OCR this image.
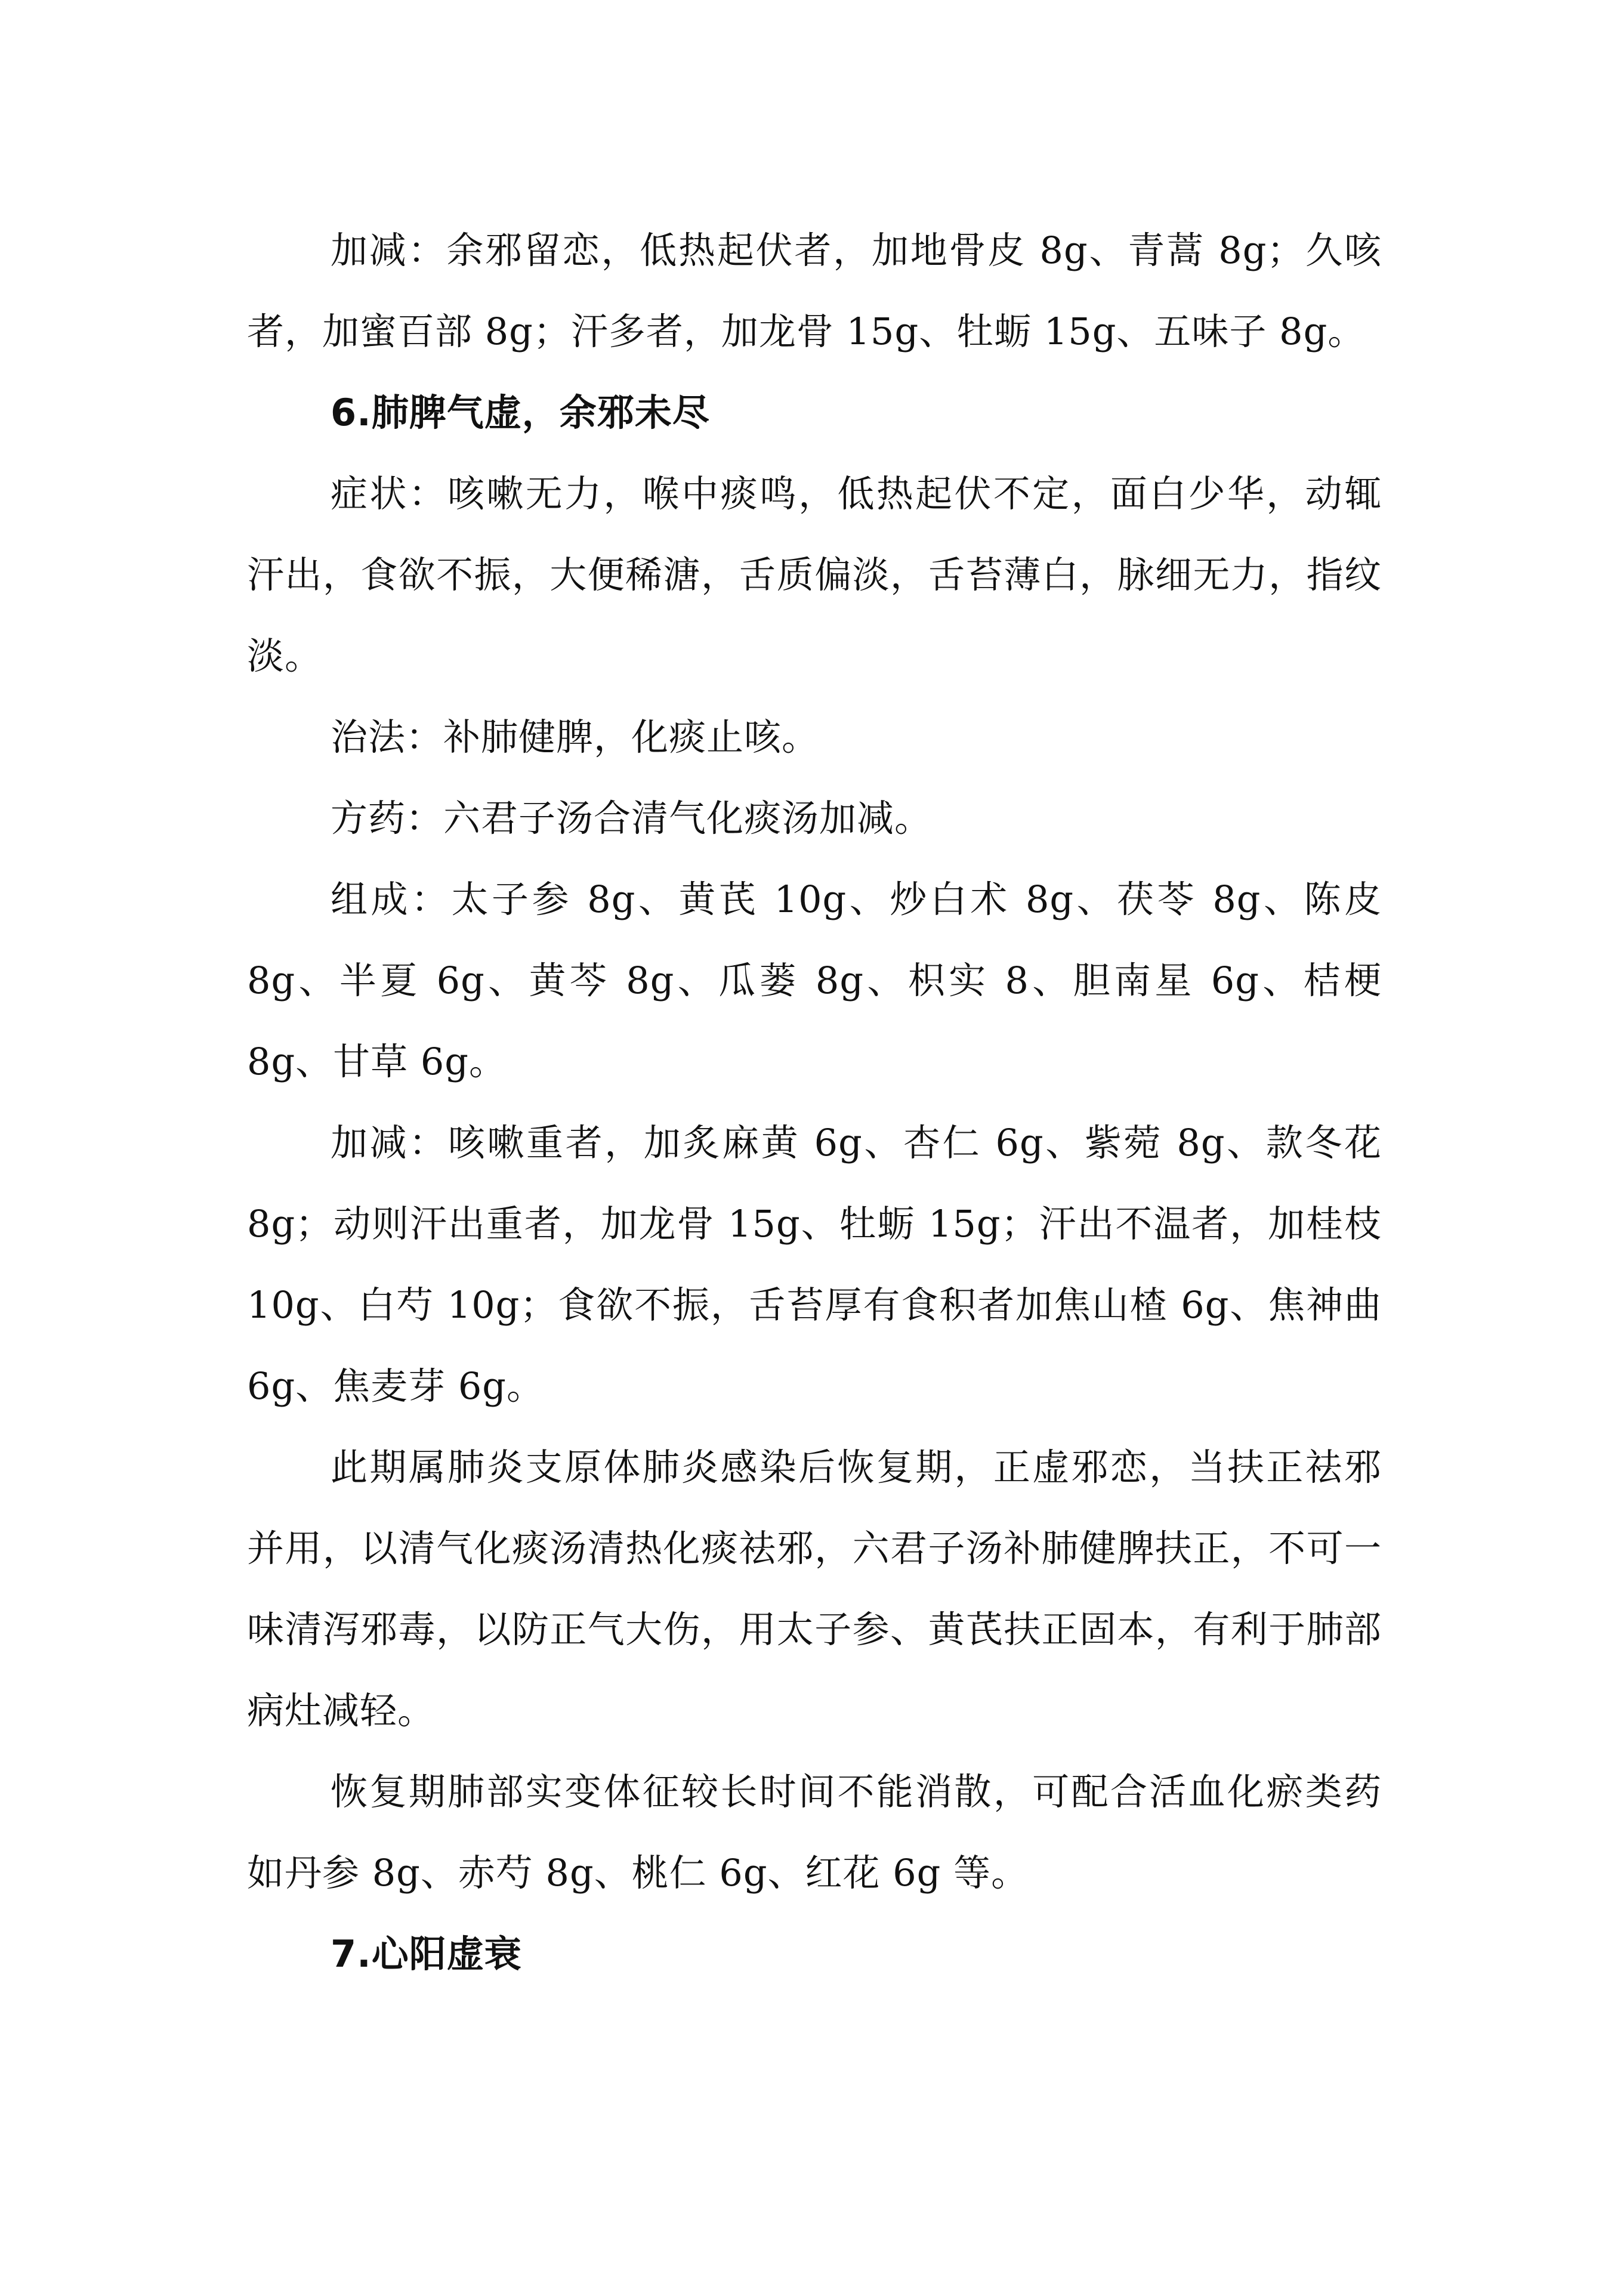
加减：余邪留恋，低热起伏者，加地骨皮 8g、青蒿 8g；久咳者，加蜜百部 8g；汗多者，加龙骨 15g、牡蛎 15g、五味子 8g。

6.肺脾气虚，余邪未尽

症状：咳嗽无力，喉中痰鸣，低热起伏不定，面白少华，动辄汗出，食欲不振，大便稀溏，舌质偏淡，舌苔薄白，脉细无力，指纹淡。

治法：补肺健脾，化痰止咳。

方药：六君子汤合清气化痰汤加减。

组成：太子参 8g、黄芪 10g、炒白术 8g、茯苓 8g、陈皮 8g、半夏 6g、黄芩 8g、瓜蒌 8g、枳实 8、胆南星 6g、桔梗 8g、甘草 6g。

加减：咳嗽重者，加炙麻黄 6g、杏仁 6g、紫菀 8g、款冬花 8g；动则汗出重者，加龙骨 15g、牡蛎 15g；汗出不温者，加桂枝 10g、白芍 10g；食欲不振，舌苔厚有食积者加焦山楂 6g、焦神曲 6g、焦麦芽 6g。

此期属肺炎支原体肺炎感染后恢复期，正虚邪恋，当扶正祛邪并用，以清气化痰汤清热化痰祛邪，六君子汤补肺健脾扶正，不可一味清泻邪毒，以防正气大伤，用太子参、黄芪扶正固本，有利于肺部病灶减轻。

恢复期肺部实变体征较长时间不能消散，可配合活血化瘀类药如丹参 8g、赤芍 8g、桃仁 6g、红花 6g 等。

7.心阳虚衰
